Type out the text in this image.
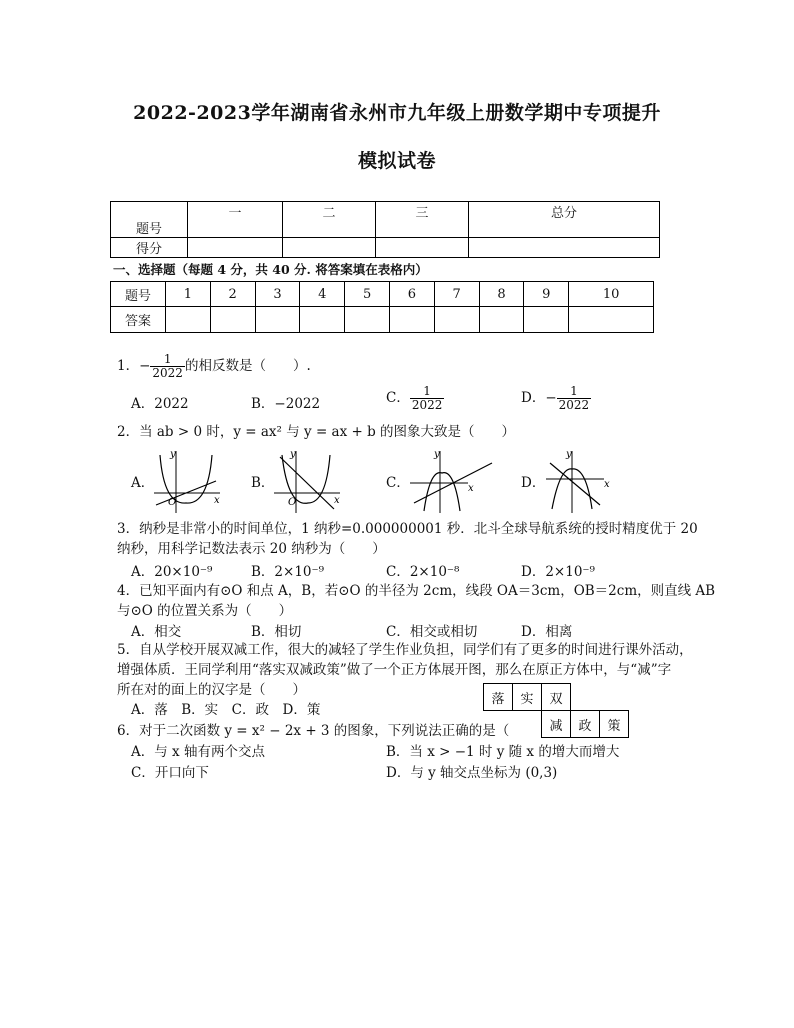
2022-2023学年湖南省永州市九年级上册数学期中专项提升
模拟试卷
题号	一	二	三	总分
得分				
一、选择题（每题 4 分，共 40 分. 将答案填在表格内）
题号	1	2	3	4	5	6	7	8	9	10
答案										
1．− $\frac{1}{2022}$ 的相反数是（　　）.
A．2022	B．−2022	C． $\frac{1}{2022}$	D．− $\frac{1}{2022}$
2．当 ab > 0 时，y = ax² 与 y = ax + b 的图象大致是（　　）
A．
y
x
O
B．
y
x
O
C．
y
x	D．
y
x
3．纳秒是非常小的时间单位，1 纳秒=0.000000001 秒．北斗全球导航系统的授时精度优于 20
纳秒，用科学记数法表示 20 纳秒为（　　）
A．20×10⁻⁹	B．2×10⁻⁹	C．2×10⁻⁸	D．2×10⁻⁹
4．已知平面内有⊙O 和点 A，B，若⊙O 的半径为 2cm，线段 OA＝3cm，OB＝2cm，则直线 AB
与⊙O 的位置关系为（　　）
A．相交	B．相切	C．相交或相切	D．相离
5．自从学校开展双减工作，很大的减轻了学生作业负担，同学们有了更多的时间进行课外活动，
增强体质．王同学利用“落实双减政策”做了一个正方体展开图，那么在原正方体中，与“减”字
所在对的面上的汉字是（　　）
A．落　B．实　C．政　D．策
落	实	双		
		减	政	策
6．对于二次函数 y = x² − 2x + 3 的图象，下列说法正确的是（
A．与 x 轴有两个交点	B．当 x > −1 时 y 随 x 的增大而增大
C．开口向下	D．与 y 轴交点坐标为 (0,3)
